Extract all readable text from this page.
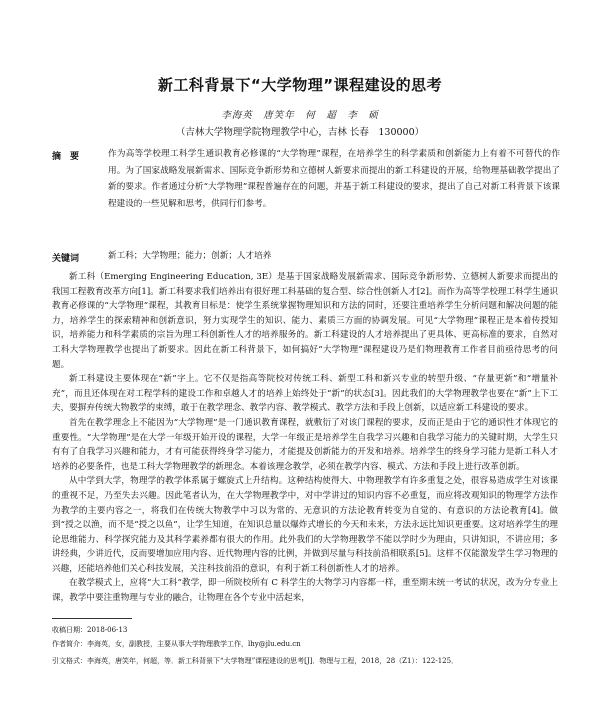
新工科背景下“大学物理”课程建设的思考
李海英　唐笑年　何　超　李　硕
（吉林大学物理学院物理教学中心，吉林 长春　130000）
摘　要	作为高等学校理工科学生通识教育必修课的“大学物理”课程，在培养学生的科学素质和创新能力上有着不可替代的作用。为了国家战略发展新需求、国际竞争新形势和立德树人新要求而提出的新工科建设的开展，给物理基础教学提出了新的要求。作者通过分析“大学物理”课程普遍存在的问题，并基于新工科建设的要求，提出了自己对新工科背景下该课程建设的一些见解和思考，供同行们参考。
关键词	新工科；大学物理；能力；创新；人才培养

新工科（Emerging Engineering Education, 3E）是基于国家战略发展新需求、国际竞争新形势、立德树人新要求而提出的我国工程教育改革方向[1]。新工科要求我们培养出有很好理工科基础的复合型、综合性创新人才[2]。而作为高等学校理工科学生通识教育必修课的“大学物理”课程，其教育目标是：使学生系统掌握物理知识和方法的同时，还要注重培养学生分析问题和解决问题的能力，培养学生的探索精神和创新意识，努力实现学生的知识、能力、素质三方面的协调发展。可见“大学物理”课程正是本着传授知识，培养能力和科学素质的宗旨为理工科创新性人才的培养服务的。新工科建设的人才培养提出了更具体、更高标准的要求，自然对工科大学物理教学也提出了新要求。因此在新工科背景下，如何搞好“大学物理”课程建设乃是们物理教育工作者目前亟待思考的问题。

新工科建设主要体现在“新”字上。它不仅是指高等院校对传统工科、新型工科和新兴专业的转型升级、“存量更新”和“增量补充”，而且还体现在对工程学科的建设工作和卓越人才的培养上始终处于“新”的状态[3]。因此我们的大学物理教学也要在“新”上下工夫，要摒弃传统大物教学的束缚，敢于在教学理念、教学内容、教学模式、教学方法和手段上创新，以适应新工科建设的要求。

首先在教学理念上不能因为“大学物理”是一门通识教育课程，就敷衍了对该门课程的要求，反而正是由于它的通识性才体现它的重要性。“大学物理”是在大学一年级开始开设的课程，大学一年级正是培养学生自我学习兴趣和自我学习能力的关键时期，大学生只有有了自我学习兴趣和能力，才有可能获得终身学习能力，才能提及创新能力的开发和培养。培养学生的终身学习能力是新工科人才培养的必要条件，也是工科大学物理教学的新理念。本着该理念教学，必须在教学内容、模式、方法和手段上进行改革创新。

从中学到大学，物理学的教学体系属于螺旋式上升结构。这种结构使得大、中物理教学有许多重复之处，很容易造成学生对该课的重视不足，乃至失去兴趣。因此笔者认为，在大学物理教学中，对中学讲过的知识内容不必重复，而应将改观知识的物理学方法作为教学的主要内容之一，将我们在传统大物教学中习以为常的、无意识的方法论教育转变为自觉的、有意识的方法论教育[4]。做到“授之以渔，而不是“授之以鱼”，让学生知道，在知识总量以爆炸式增长的今天和未来，方法永远比知识更重要。这对培养学生的理论思维能力、科学探究能力及其科学素养都有很大的作用。此外我们的大学物理教学不能以学时少为理由，只讲知识，不讲应用；多讲经典，少讲近代，反而要增加应用内容、近代物理内容的比例，并做到尽量与科技前沿相联系[5]。这样不仅能激发学生学习物理的兴趣，还能培养他们关心科技发展，关注科技前沿的意识，有利于新工科创新性人才的培养。

在教学模式上，应将“大工科”教学，即一所院校所有 C 科学生的大物学习内容都一样，重至期末统一考试的状况，改为分专业上课，教学中要注重物理与专业的融合，让物理在各个专业中活起来，

收稿日期：2018-06-13
作者简介：李海英，女，副教授，主要从事大学物理教学工作，lhy@jlu.edu.cn
引文格式：李海英，唐笑年，何超，等．新工科背景下“大学物理”课程建设的思考[J]．物理与工程，2018，28（Z1）：122-125．
